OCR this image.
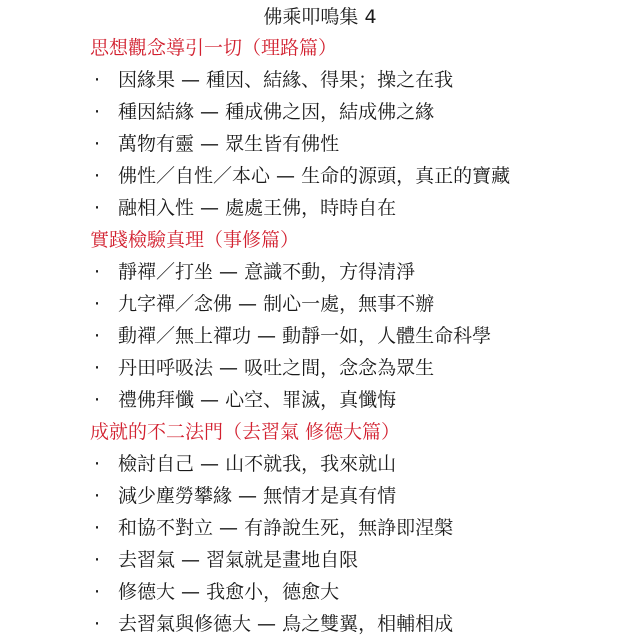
佛乘叩鳴集 4
思想觀念導引一切（理路篇）
· 因緣果 — 種因、結緣、得果；操之在我
· 種因結緣 — 種成佛之因，結成佛之緣
· 萬物有靈 — 眾生皆有佛性
· 佛性／自性／本心 — 生命的源頭，真正的寶藏
· 融相入性 — 處處王佛，時時自在
實踐檢驗真理（事修篇）
· 靜禪／打坐 — 意識不動，方得清淨
· 九字禪／念佛 — 制心一處，無事不辦
· 動禪／無上禪功 — 動靜一如，人體生命科學
· 丹田呼吸法 — 吸吐之間，念念為眾生
· 禮佛拜懺 — 心空、罪滅，真懺悔
成就的不二法門（去習氣 修德大篇）
· 檢討自己 — 山不就我，我來就山
· 減少塵勞攀緣 — 無情才是真有情
· 和協不對立 — 有諍說生死，無諍即涅槃
· 去習氣 — 習氣就是畫地自限
· 修德大 — 我愈小，德愈大
· 去習氣與修德大 — 鳥之雙翼，相輔相成
